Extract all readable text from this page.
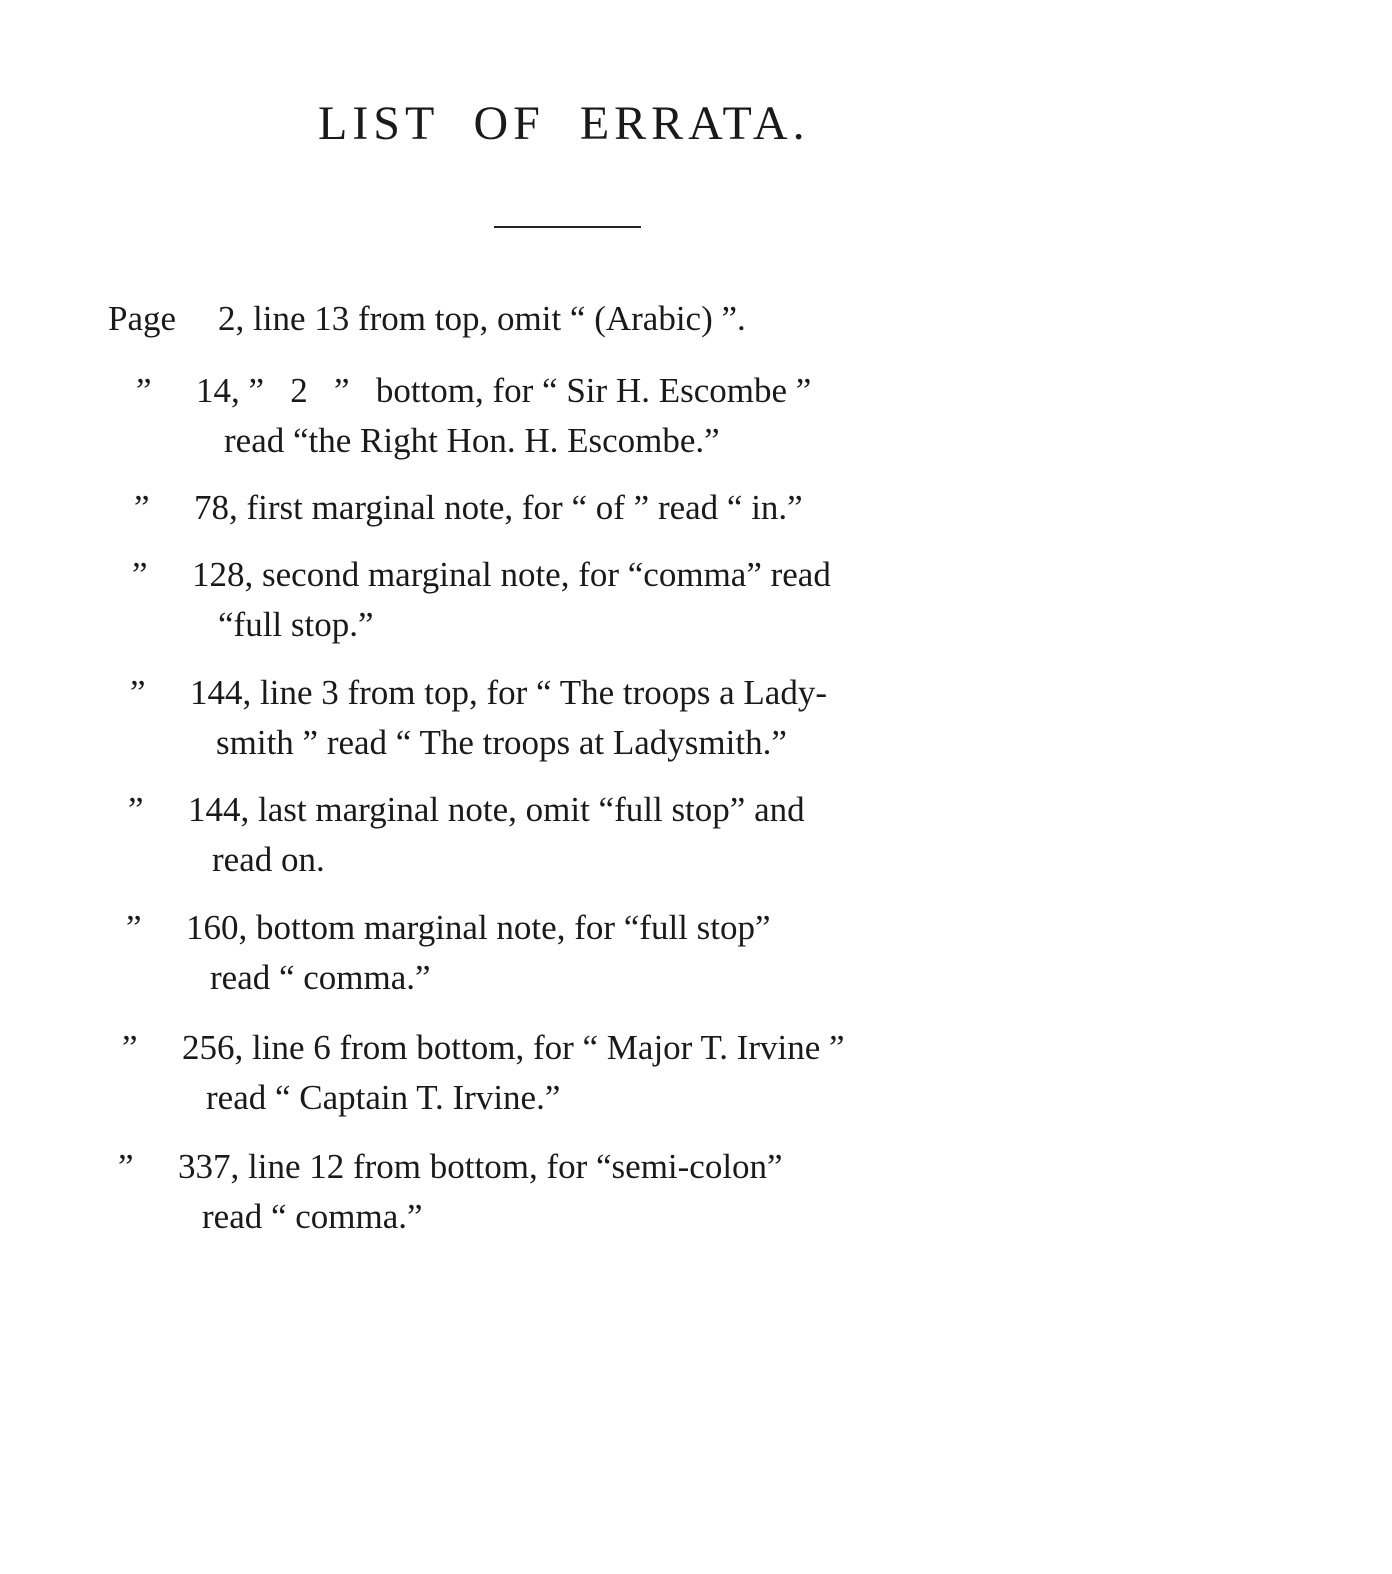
LIST OF ERRATA.
Page 2, line 13 from top, omit “ (Arabic) ”.
” 14, ”   2   ”   bottom, for “ Sir H. Escombe ”
read “the Right Hon. H. Escombe.”
” 78, first marginal note, for “ of ” read “ in.”
” 128, second marginal note, for “comma” read
“full stop.”
” 144, line 3 from top, for “ The troops a Lady-
smith ” read “ The troops at Ladysmith.”
” 144, last marginal note, omit “full stop” and
read on.
” 160, bottom marginal note, for “full stop”
read “ comma.”
” 256, line 6 from bottom, for “ Major T. Irvine ”
read “ Captain T. Irvine.”
” 337, line 12 from bottom, for “semi-colon”
read “ comma.”
